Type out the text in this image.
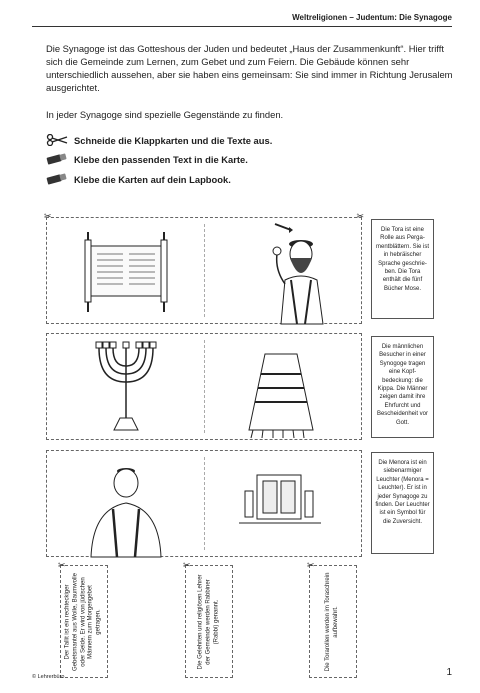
Weltreligionen – Judentum: Die Synagoge
Die Synagoge ist das Gotteshous der Juden und bedeutet „Haus der Zusammenkunft“. Hier trifft sich die Gemeinde zum Lernen, zum Gebet und zum Feiern. Die Gebäude können sehr unterschiedlich aussehen, aber sie haben eins gemeinsam: Sie sind immer in Richtung Jerusalem ausgerichtet.
In jeder Synagoge sind spezielle Gegenstände zu finden.
Schneide die Klappkarten und die Texte aus.
Klebe den passenden Text in die Karte.
Klebe die Karten auf dein Lapbook.
✂	✂
Die Tora ist eine Rolle aus Perga-mentblättern. Sie ist in hebräischer Sprache geschrie-ben. Die Tora enthält die fünf Bücher Mose.
Die männlichen Besucher in einer Synogoge tragen eine Kopf-bedeckung: die Kippa. Die Männer zeigen damit ihre Ehrfurcht und Bescheidenheit vor Gott.
Die Menora ist ein siebenarmiger Leuchter (Menora = Leuchter). Er ist in jeder Synagoge zu finden. Der Leuchter ist ein Symbol für die Zuversicht.
✂
Der Tallit ist ein rechteckiger Gebetsmantel aus Wolle, Baumwolle oder Seide. Er wird von jüdischen Männern zum Morgengebet getragen.
✂
Die Gelehrten und religiösen Lehrer der Gemeinde werden Rabbiner (Rabbi) genannt.
✂
Die Torarollen werden im Toraschrein aufbewahrt.
© Lehrerbüro	1
